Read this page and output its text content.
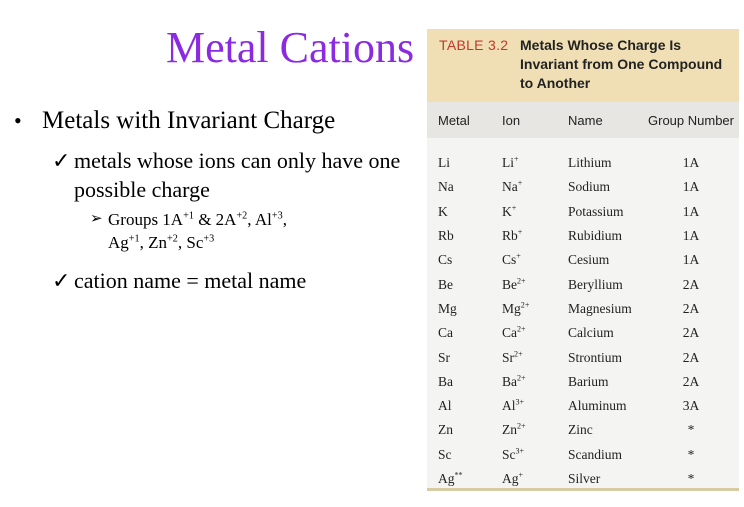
Metal Cations
• Metals with Invariant Charge
✓ metals whose ions can only have one possible charge
➢ Groups $1A^{+1}$ & $2A^{+2}$, $Al^{+3}$,
$Ag^{+1}$, $Zn^{+2}$, $Sc^{+3}$
✓ cation name = metal name
TABLE 3.2 Metals Whose Charge Is Invariant from One Compound to Another
Metal	Ion	Name	Group Number
Li	Li+	Lithium	1A
Na	Na+	Sodium	1A
K	K+	Potassium	1A
Rb	Rb+	Rubidium	1A
Cs	Cs+	Cesium	1A
Be	$Be^{2+}$	Beryllium	2A
Mg	$Mg^{2+}$	Magnesium	2A
Ca	$Ca^{2+}$	Calcium	2A
Sr	$Sr^{2+}$	Strontium	2A
Ba	$Ba^{2+}$	Barium	2A
Al	$Al^{3+}$	Aluminum	3A
Zn	$Zn^{2+}$	Zinc	*
Sc	$Sc^{3+}$	Scandium	*
Ag**	Ag+	Silver	*
